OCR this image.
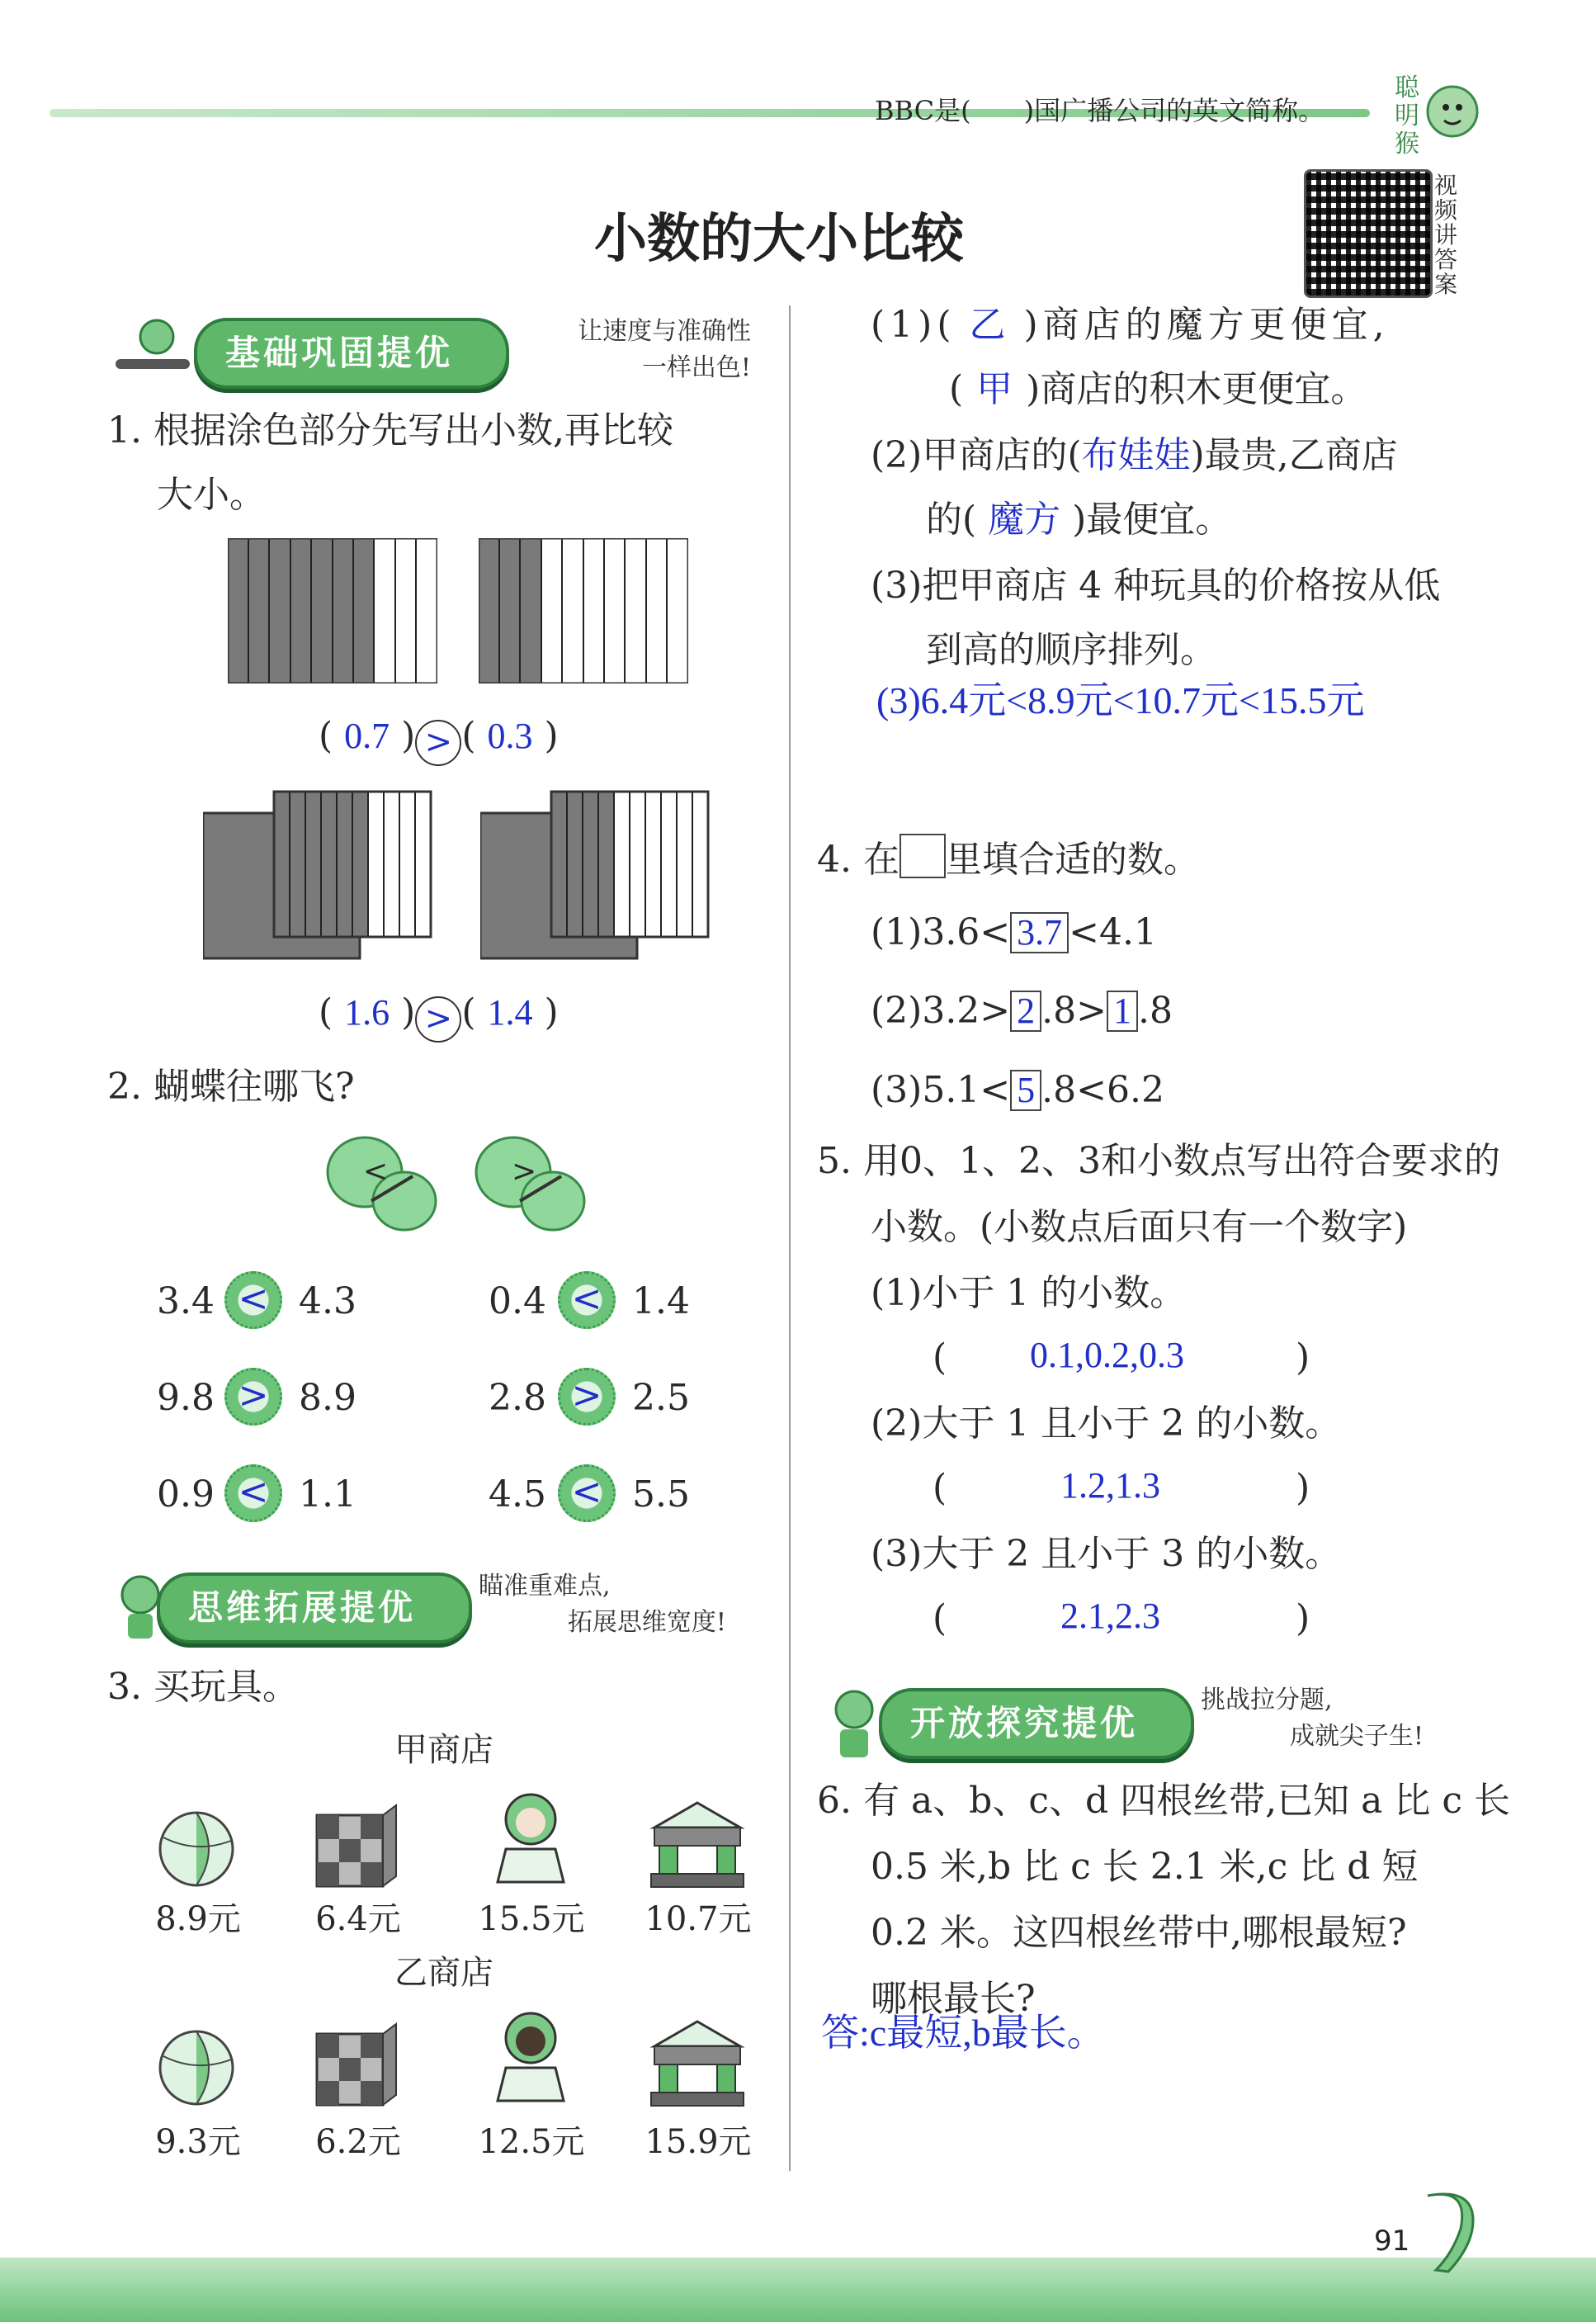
BBC是(　　)国广播公司的英文简称。
聪明猴
小数的大小比较
视频讲答案
基础巩固提优
让速度与准确性
一样出色!
1. 根据涂色部分先写出小数,再比较
大小。
( 0.7 ) > ( 0.3 )
( 1.6 ) > ( 1.4 )
2. 蝴蝶往哪飞?
<	>
3.4 < 4.3	0.4 < 1.4
9.8 > 8.9	2.8 > 2.5
0.9 < 1.1	4.5 < 5.5
思维拓展提优
瞄准重难点,
拓展思维宽度!
3. 买玩具。
甲商店
8.9元	6.4元	15.5元	10.7元
乙商店
9.3元	6.2元	12.5元	15.9元
(1)( 乙 )商店的魔方更便宜,
( 甲 )商店的积木更便宜。
(2)甲商店的(布娃娃)最贵,乙商店
的( 魔方 )最便宜。
(3)把甲商店 4 种玩具的价格按从低
到高的顺序排列。
(3)6.4元<8.9元<10.7元<15.5元
4. 在 里填合适的数。
(1)3.6< 3.7 <4.1
(2)3.2> 2 .8> 1 .8
(3)5.1< 5 .8<6.2
5. 用0、1、2、3和小数点写出符合要求的
小数。(小数点后面只有一个数字)
(1)小于 1 的小数。
( 0.1,0.2,0.3	)
(2)大于 1 且小于 2 的小数。
(	1.2,1.3	)
(3)大于 2 且小于 3 的小数。
(	2.1,2.3	)
开放探究提优
挑战拉分题,
成就尖子生!
6. 有 a、b、c、d 四根丝带,已知 a 比 c 长
0.5 米,b 比 c 长 2.1 米,c 比 d 短
0.2 米。这四根丝带中,哪根最短?
哪根最长?
答:c最短,b最长。
91
